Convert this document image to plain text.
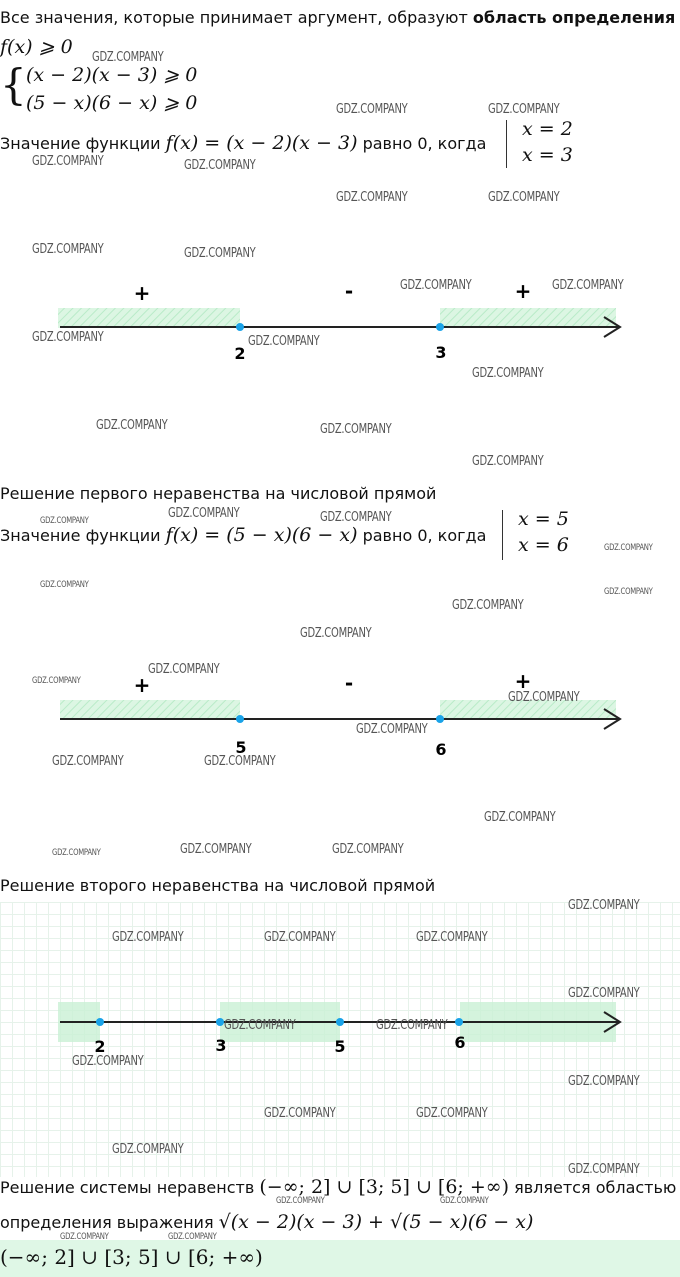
Все значения, которые принимает аргумент, образуют область определения
f(x) ⩾ 0
{ (x − 2)(x − 3) ⩾ 0
(5 − x)(6 − x) ⩾ 0
Значение функции f(x) = (x − 2)(x − 3) равно 0, когда
x = 2
x = 3
+	-	+
2	3
Решение первого неравенства на числовой прямой
Значение функции f(x) = (5 − x)(6 − x) равно 0, когда
x = 5
x = 6
+	-	+
5	6
Решение второго неравенства на числовой прямой
2	3	5	6
Решение системы неравенств (−∞; 2] ∪ [3; 5] ∪ [6; +∞) является областью
определения выражения √(x − 2)(x − 3) + √(5 − x)(6 − x)
(−∞; 2] ∪ [3; 5] ∪ [6; +∞)
GDZ.COMPANY
GDZ.COMPANY	GDZ.COMPANY
GDZ.COMPANY	GDZ.COMPANY
GDZ.COMPANY	GDZ.COMPANY
GDZ.COMPANY	GDZ.COMPANY
GDZ.COMPANY	GDZ.COMPANY
GDZ.COMPANY	GDZ.COMPANY
GDZ.COMPANY
GDZ.COMPANY	GDZ.COMPANY
GDZ.COMPANY
GDZ.COMPANY	GDZ.COMPANY	GDZ.COMPANY
GDZ.COMPANY
GDZ.COMPANY
GDZ.COMPANY
GDZ.COMPANY
GDZ.COMPANY
GDZ.COMPANY
GDZ.COMPANY
GDZ.COMPANY
GDZ.COMPANY
GDZ.COMPANY	GDZ.COMPANY
GDZ.COMPANY
GDZ.COMPANY	GDZ.COMPANY	GDZ.COMPANY
GDZ.COMPANY
GDZ.COMPANY	GDZ.COMPANY	GDZ.COMPANY
GDZ.COMPANY
GDZ.COMPANY	GDZ.COMPANY
GDZ.COMPANY
GDZ.COMPANY
GDZ.COMPANY	GDZ.COMPANY
GDZ.COMPANY
GDZ.COMPANY
GDZ.COMPANY	GDZ.COMPANY
GDZ.COMPANY	GDZ.COMPANY
